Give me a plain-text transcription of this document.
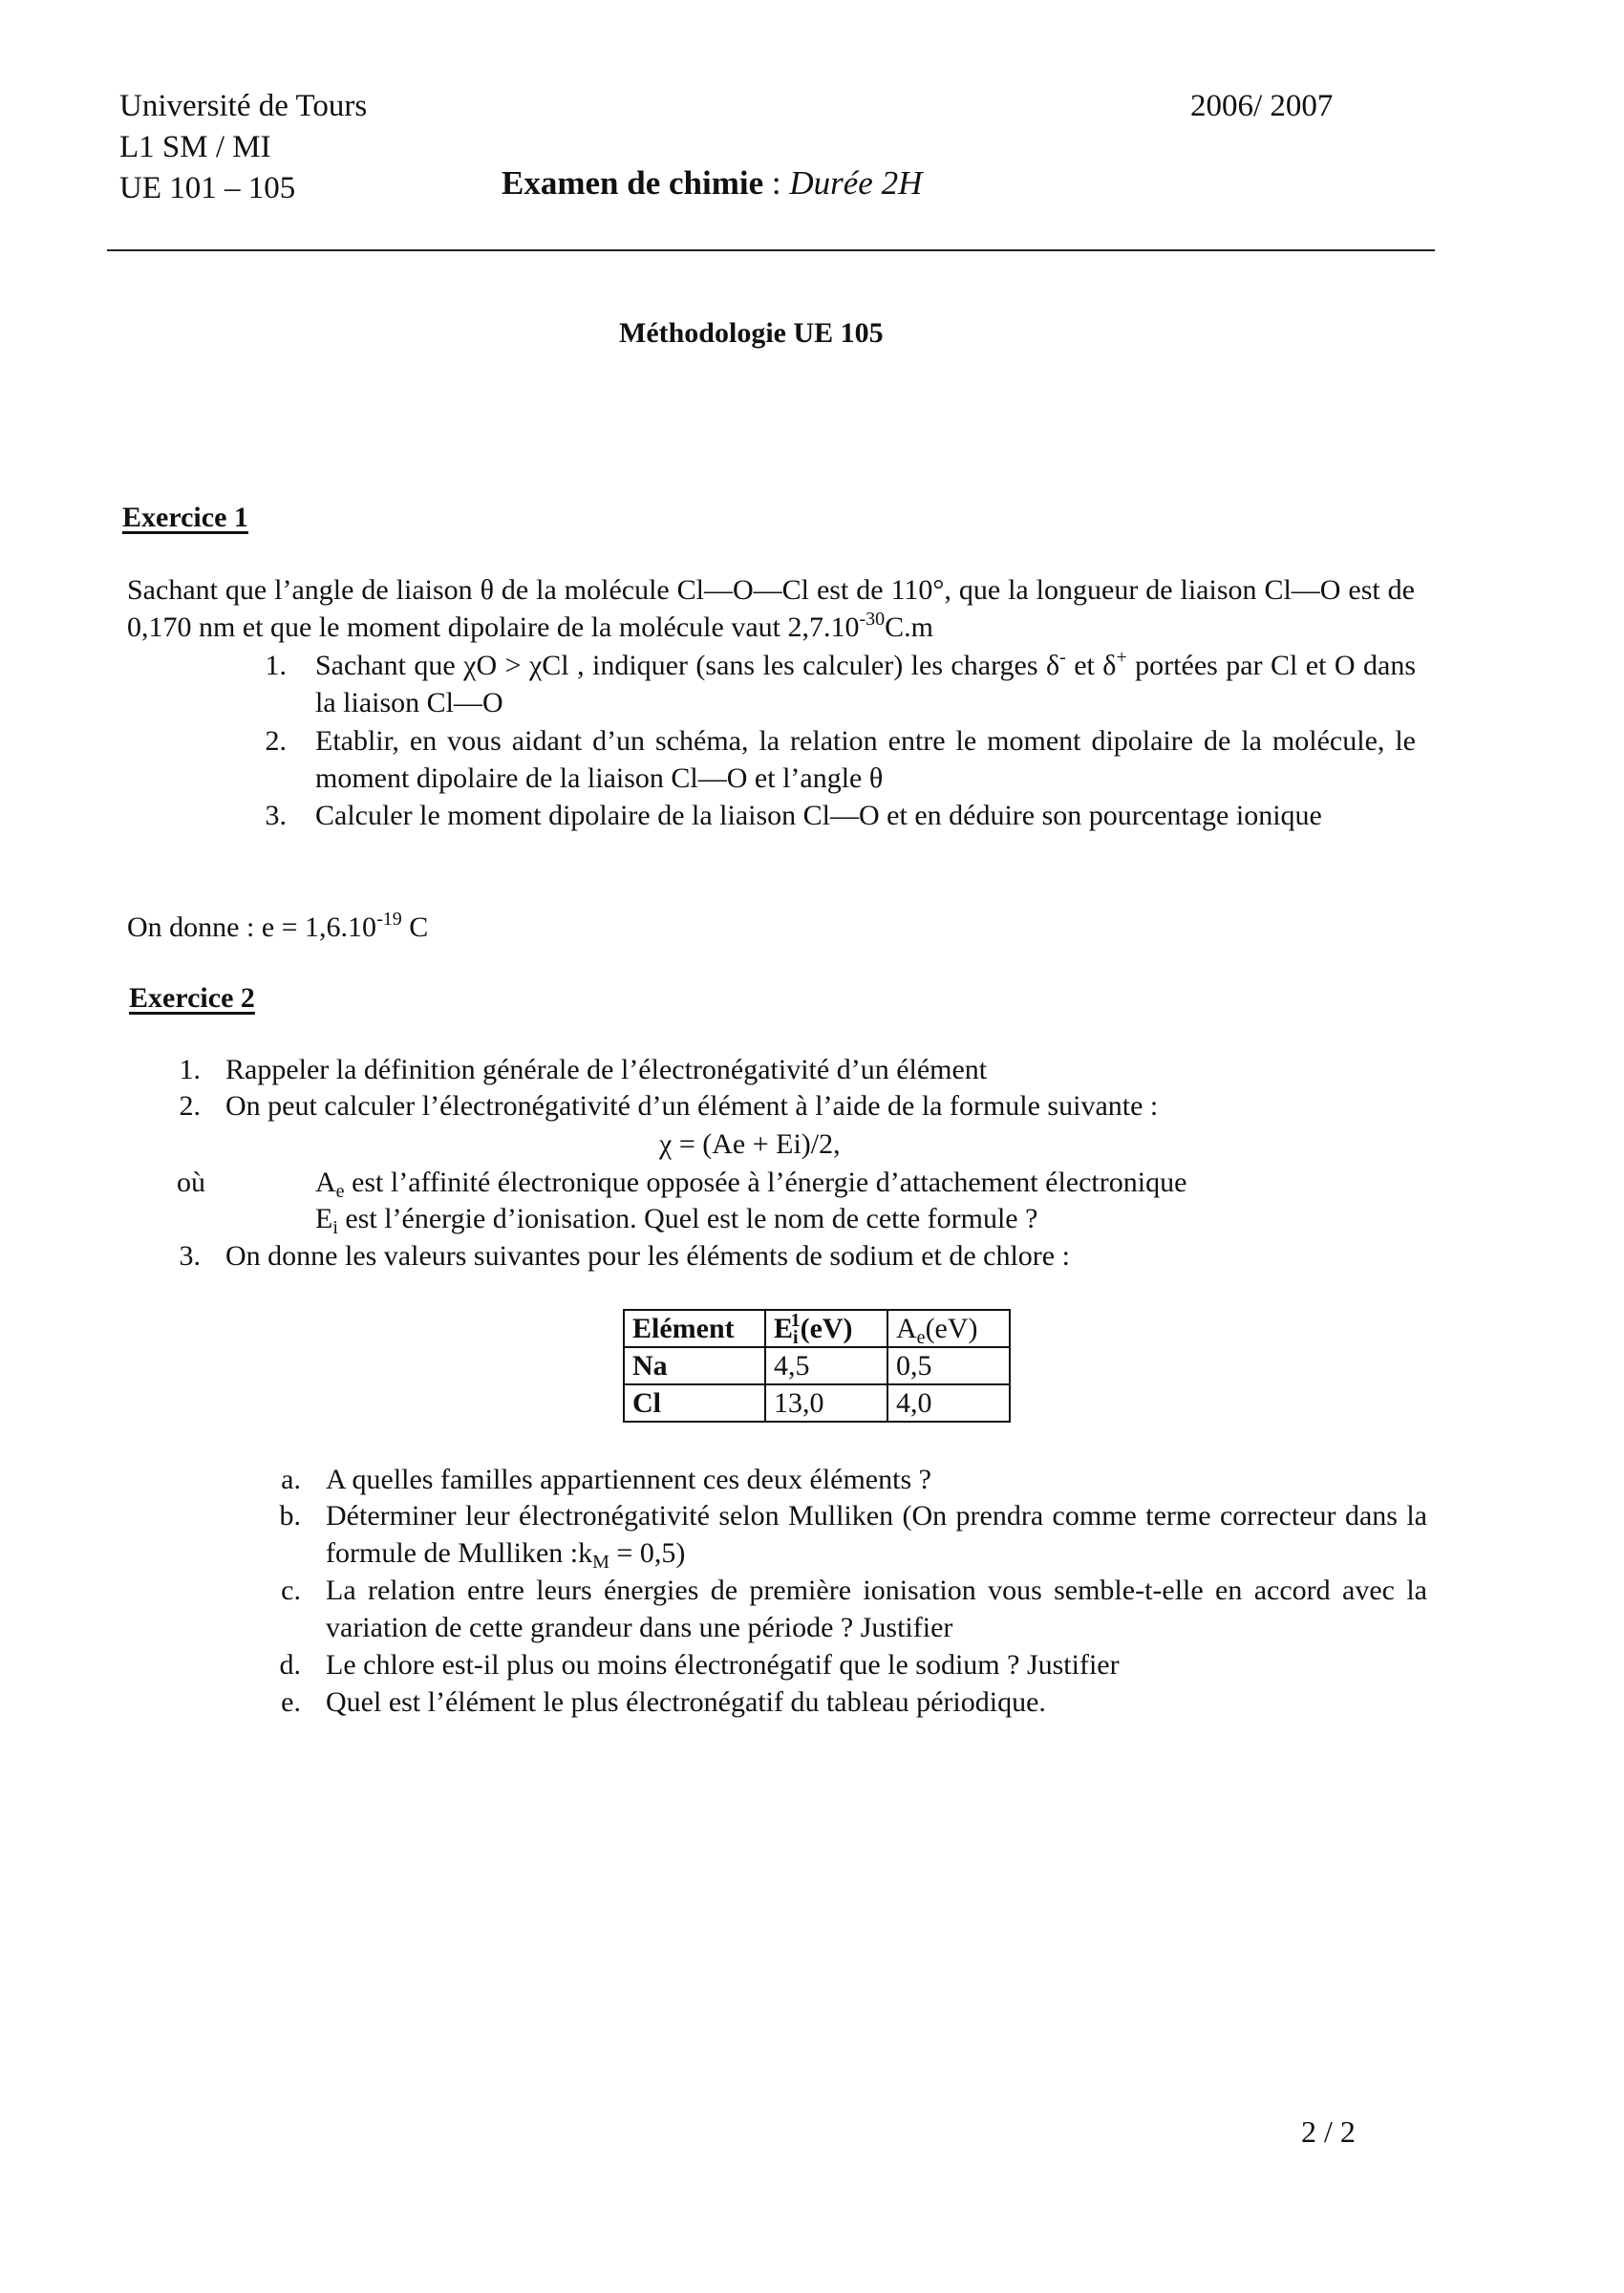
Université de Tours
L1 SM / MI
UE 101 – 105
2006/ 2007
Examen de chimie : Durée 2H
Méthodologie UE 105
Exercice 1
Sachant que l’angle de liaison θ de la molécule Cl—O—Cl est de 110°, que la longueur de liaison Cl—O est de 0,170 nm et que le moment dipolaire de la molécule vaut $2,7.10^{-30}C.m$
1. Sachant que χO > χCl , indiquer (sans les calculer) les charges δ- et δ+ portées par Cl et O dans la liaison Cl—O
2. Etablir, en vous aidant d’un schéma, la relation entre le moment dipolaire de la molécule, le moment dipolaire de la liaison Cl—O et l’angle θ
3. Calculer le moment dipolaire de la liaison Cl—O et en déduire son pourcentage ionique
On donne : $e = 1,6.10^{-19}$ C
Exercice 2
1. Rappeler la définition générale de l’électronégativité d’un élément
2. On peut calculer l’électronégativité d’un élément à l’aide de la formule suivante :
χ = (Ae + Ei)/2,
où	$A_e$ est l’affinité électronique opposée à l’énergie d’attachement électronique
$E_i$ est l’énergie d’ionisation. Quel est le nom de cette formule ?
3. On donne les valeurs suivantes pour les éléments de sodium et de chlore :
Elément	$E_i^1(eV)$	$A_e(eV)$
Na	4,5	0,5
Cl	13,0	4,0
a. A quelles familles appartiennent ces deux éléments ?
b. Déterminer leur électronégativité selon Mulliken (On prendra comme terme correcteur dans la formule de Mulliken $:k_M = 0,5$)
c. La relation entre leurs énergies de première ionisation vous semble-t-elle en accord avec la variation de cette grandeur dans une période ? Justifier
d. Le chlore est-il plus ou moins électronégatif que le sodium ? Justifier
e. Quel est l’élément le plus électronégatif du tableau périodique.
2 / 2
